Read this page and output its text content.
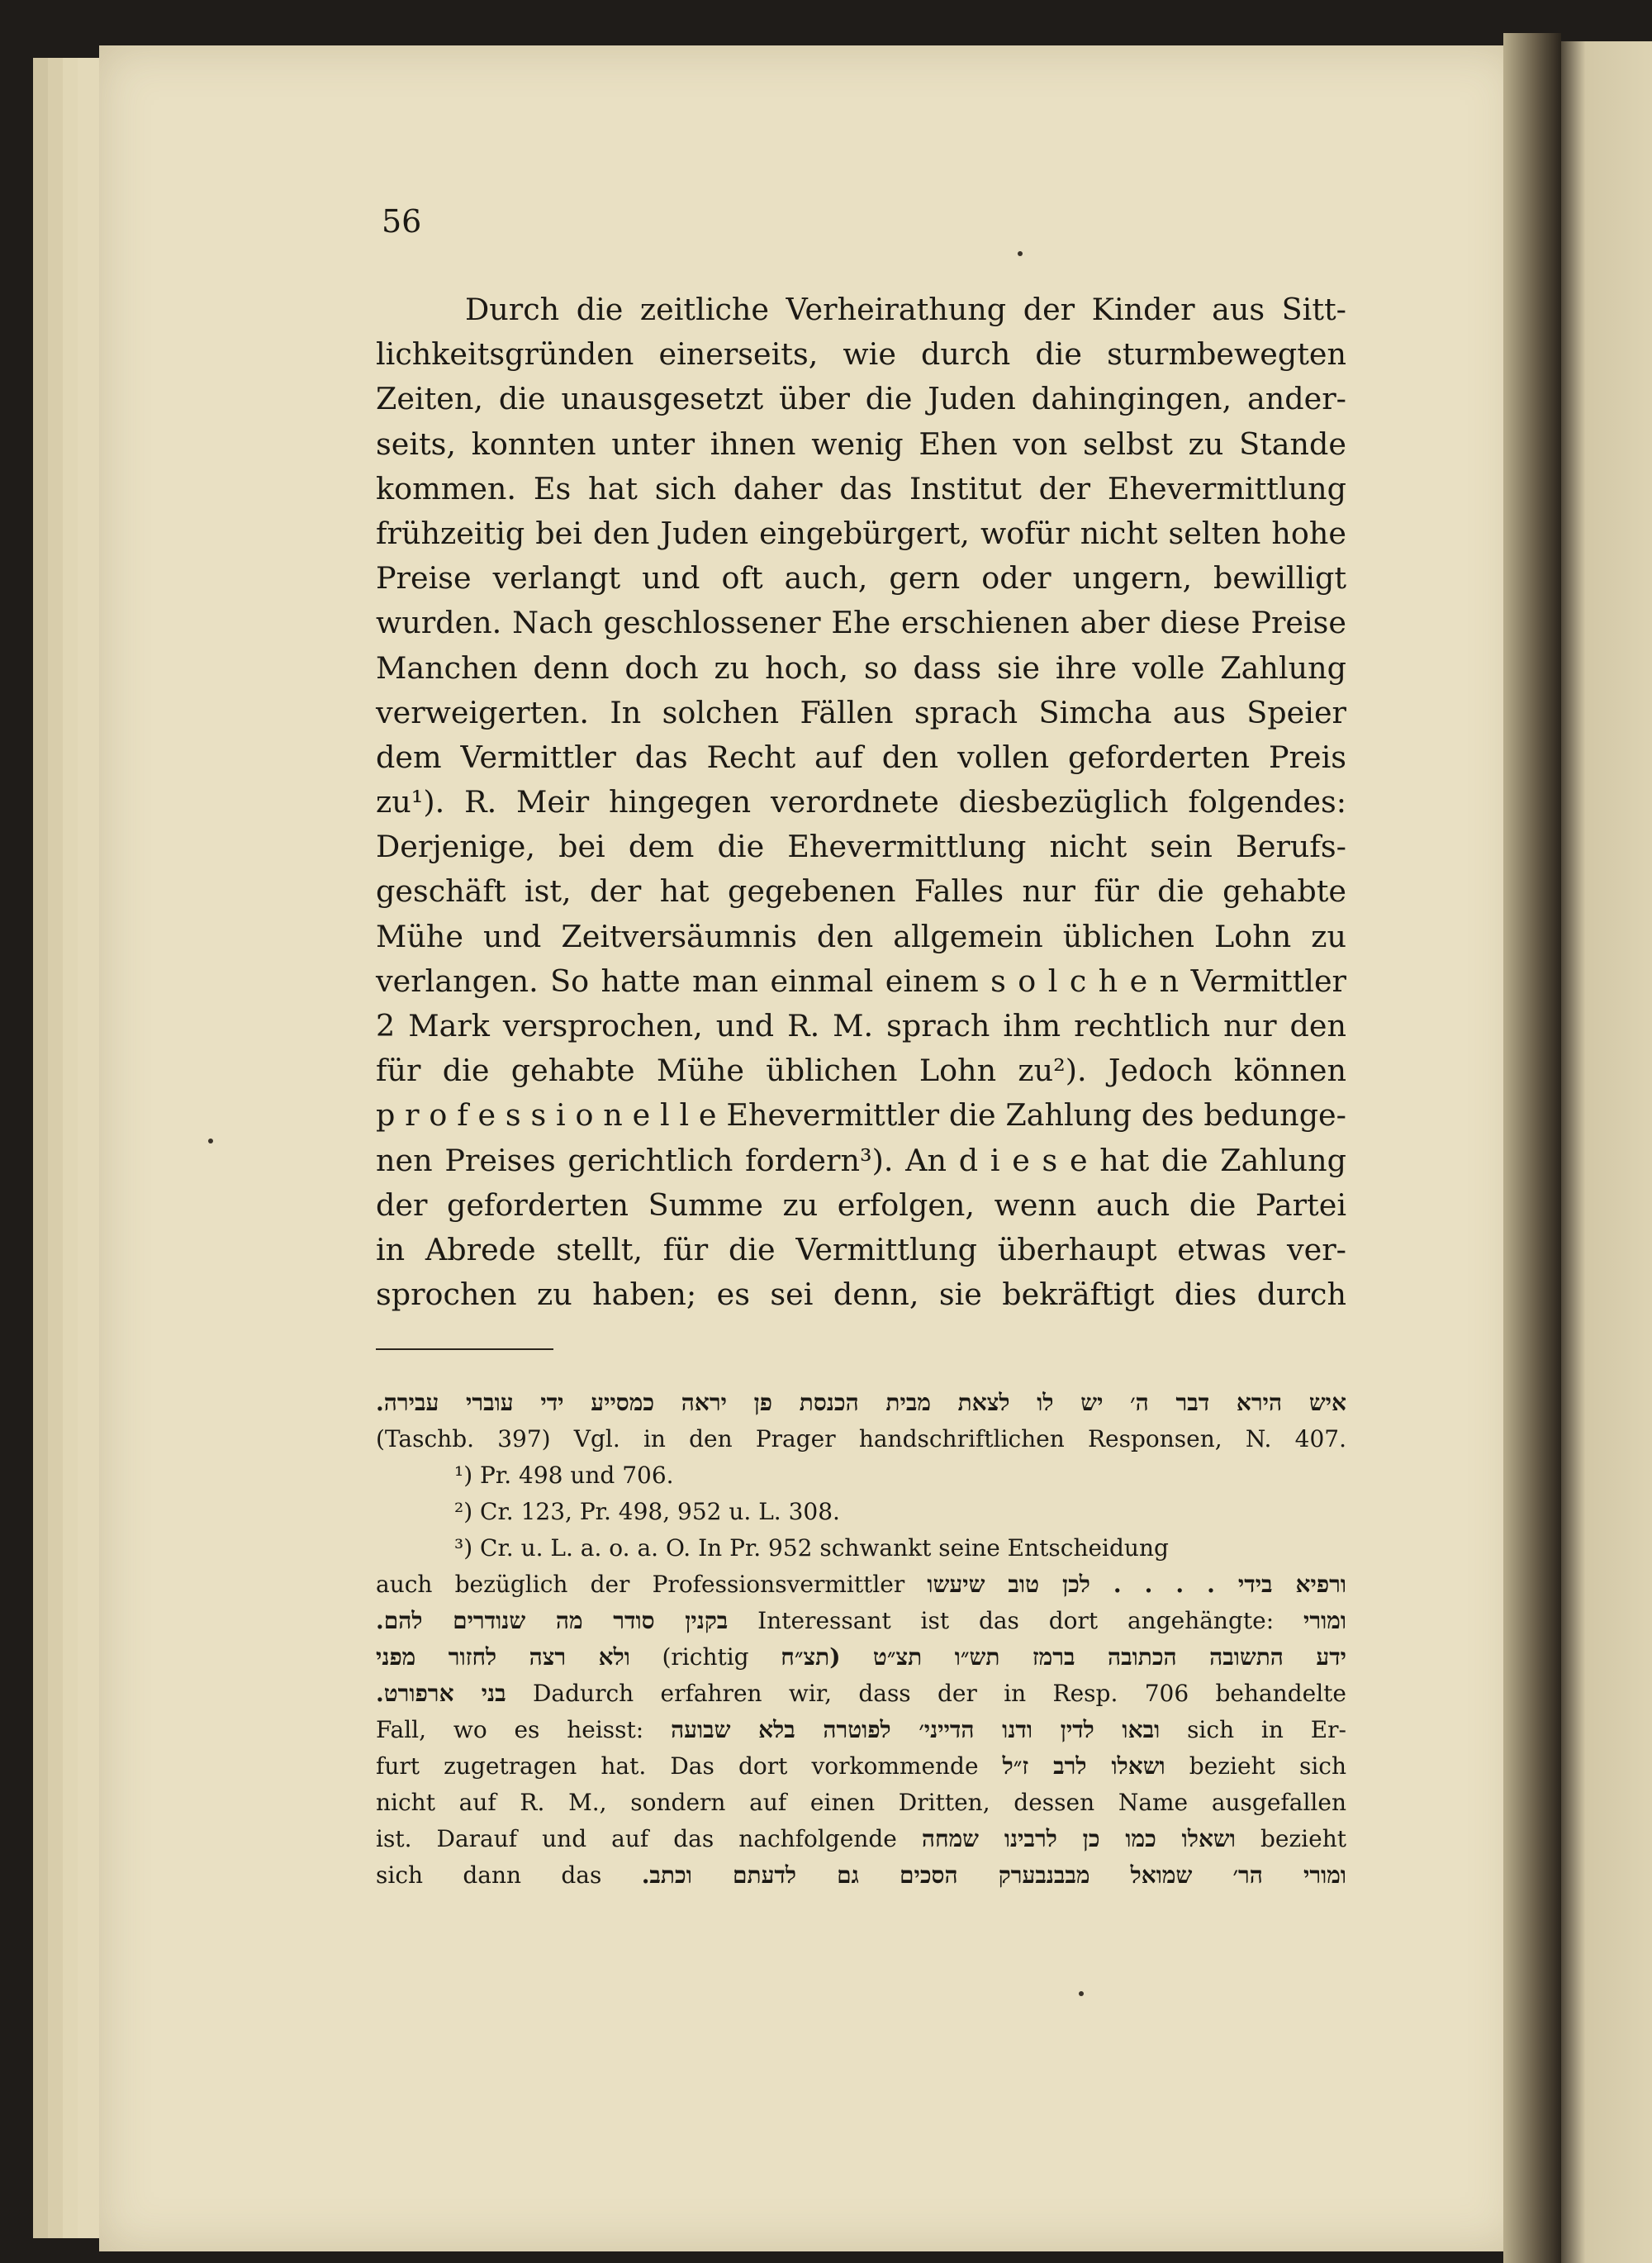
56
Durch die zeitliche Verheirathung der Kinder aus Sitt-
lichkeitsgründen einerseits, wie durch die sturmbewegten
Zeiten, die unausgesetzt über die Juden dahingingen, ander-
seits, konnten unter ihnen wenig Ehen von selbst zu Stande
kommen. Es hat sich daher das Institut der Ehevermittlung
frühzeitig bei den Juden eingebürgert, wofür nicht selten hohe
Preise verlangt und oft auch, gern oder ungern, bewilligt
wurden. Nach geschlossener Ehe erschienen aber diese Preise
Manchen denn doch zu hoch, so dass sie ihre volle Zahlung
verweigerten. In solchen Fällen sprach Simcha aus Speier
dem Vermittler das Recht auf den vollen geforderten Preis
zu¹). R. Meir hingegen verordnete diesbezüglich folgendes:
Derjenige, bei dem die Ehevermittlung nicht sein Berufs-
geschäft ist, der hat gegebenen Falles nur für die gehabte
Mühe und Zeitversäumnis den allgemein üblichen Lohn zu
verlangen. So hatte man einmal einem s o l c h e n Vermittler
2 Mark versprochen, und R. M. sprach ihm rechtlich nur den
für die gehabte Mühe üblichen Lohn zu²). Jedoch können
p r o f e s s i o n e l l e Ehevermittler die Zahlung des bedunge-
nen Preises gerichtlich fordern³). An d i e s e hat die Zahlung
der geforderten Summe zu erfolgen, wenn auch die Partei
in Abrede stellt, für die Vermittlung überhaupt etwas ver-
sprochen zu haben; es sei denn, sie bekräftigt dies durch
איש הירא דבר ה׳ יש לו לצאת מבית הכנסת פן יראה כמסייע ידי עוברי עבירה.
(Taschb. 397) Vgl. in den Prager handschriftlichen Responsen, N. 407.
¹) Pr. 498 und 706.
²) Cr. 123, Pr. 498, 952 u. L. 308.
³) Cr. u. L. a. o. a. O. In Pr. 952 schwankt seine Entscheidung
auch bezüglich der Professionsvermittler ורפיא בידי . . . . לכן טוב שיעשו
בקנין סודר מה שנודרים להם. Interessant ist das dort angehängte: ומורי
ולא רצה לחזור מפני (richtig ידע התשובה הכתובה ברמז תש״ו תצ״ט (תצ״ח
בני ארפורט. Dadurch erfahren wir, dass der in Resp. 706 behandelte
Fall, wo es heisst: ובאו לדין ודנו הדייני׳ לפוטרה בלא שבועה sich in Er-
furt zugetragen hat. Das dort vorkommende ושאלו לרב ז״ל bezieht sich
nicht auf R. M., sondern auf einen Dritten, dessen Name ausgefallen
ist. Darauf und auf das nachfolgende ושאלו כמו כן לרבינו שמחה bezieht
sich dann das ומורי הר׳ שמואל מבבנבערק הסכים גם לדעתם וכתב.
